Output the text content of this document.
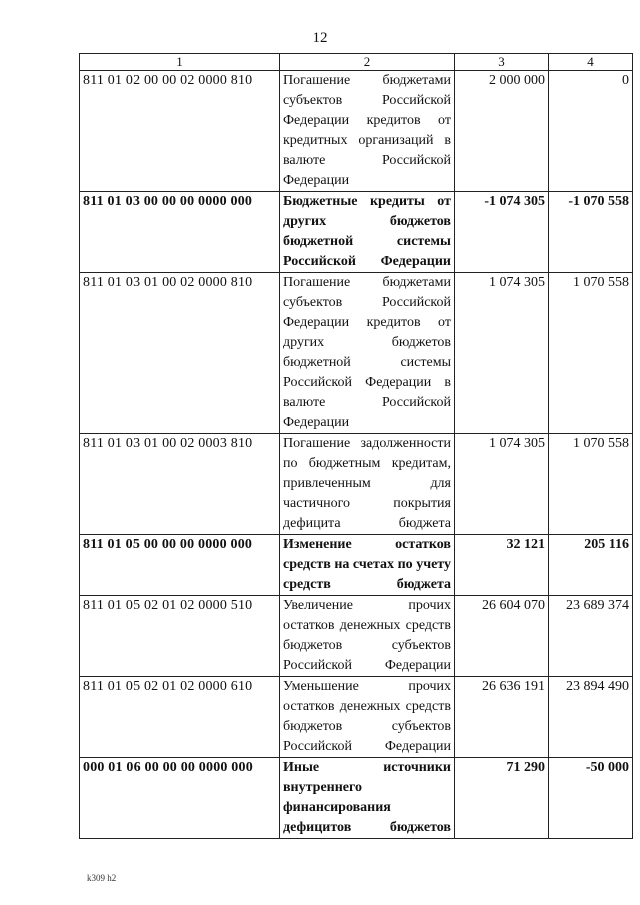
12
1	2	3	4
811 01 02 00 00 02 0000 810	Погашение бюджетами субъектов Российской Федерации кредитов от кредитных организаций в валюте Российской Федерации	2 000 000	0
811 01 03 00 00 00 0000 000	Бюджетные кредиты от других бюджетов бюджетной системы Российской Федерации	-1 074 305	-1 070 558
811 01 03 01 00 02 0000 810	Погашение бюджетами субъектов Российской Федерации кредитов от других бюджетов бюджетной системы Российской Федерации в валюте Российской Федерации	1 074 305	1 070 558
811 01 03 01 00 02 0003 810	Погашение задолженности по бюджетным кредитам, привлеченным для частичного покрытия дефицита бюджета	1 074 305	1 070 558
811 01 05 00 00 00 0000 000	Изменение остатков средств на счетах по учету средств бюджета	32 121	205 116
811 01 05 02 01 02 0000 510	Увеличение прочих остатков денежных средств бюджетов субъектов Российской Федерации	26 604 070	23 689 374
811 01 05 02 01 02 0000 610	Уменьшение прочих остатков денежных средств бюджетов субъектов Российской Федерации	26 636 191	23 894 490
000 01 06 00 00 00 0000 000	Иные источники внутреннего финансирования дефицитов бюджетов	71 290	-50 000
k309 h2
